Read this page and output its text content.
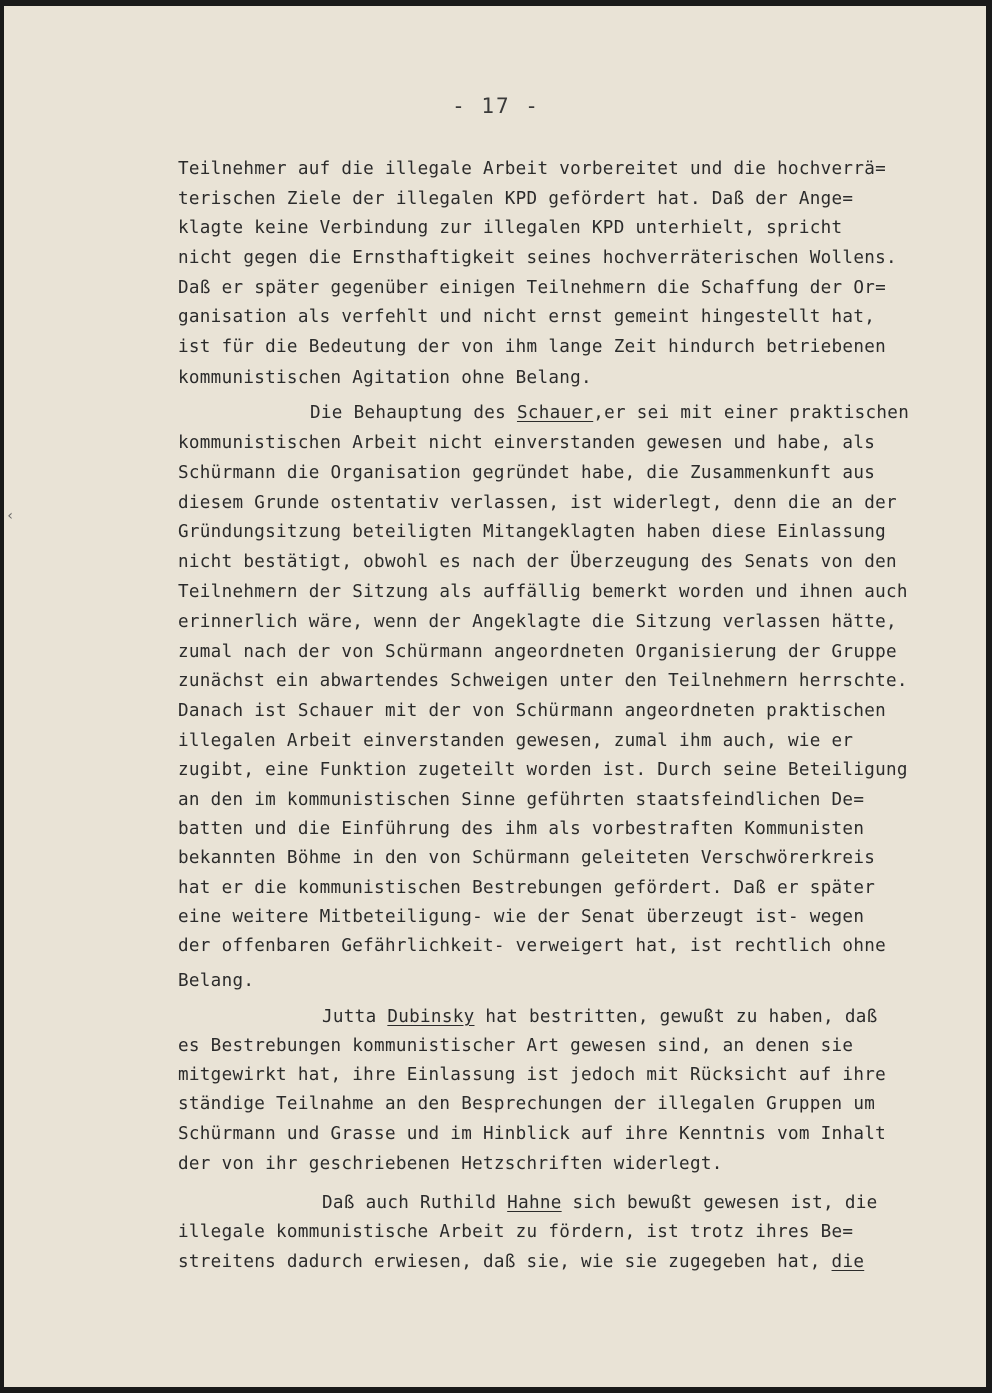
- 17 -
‹
Teilnehmer auf die illegale Arbeit vorbereitet und die hochverrä=
terischen Ziele der illegalen KPD gefördert hat. Daß der Ange=
klagte keine Verbindung zur illegalen KPD unterhielt, spricht
nicht gegen die Ernsthaftigkeit seines hochverräterischen Wollens.
Daß er später gegenüber einigen Teilnehmern die Schaffung der Or=
ganisation als verfehlt und nicht ernst gemeint hingestellt hat,
ist für die Bedeutung der von ihm lange Zeit hindurch betriebenen
kommunistischen Agitation ohne Belang.
Die Behauptung des Schauer,er sei mit einer praktischen
kommunistischen Arbeit nicht einverstanden gewesen und habe, als
Schürmann die Organisation gegründet habe, die Zusammenkunft aus
diesem Grunde ostentativ verlassen, ist widerlegt, denn die an der
Gründungsitzung beteiligten Mitangeklagten haben diese Einlassung
nicht bestätigt, obwohl es nach der Überzeugung des Senats von den
Teilnehmern der Sitzung als auffällig bemerkt worden und ihnen auch
erinnerlich wäre, wenn der Angeklagte die Sitzung verlassen hätte,
zumal nach der von Schürmann angeordneten Organisierung der Gruppe
zunächst ein abwartendes Schweigen unter den Teilnehmern herrschte.
Danach ist Schauer mit der von Schürmann angeordneten praktischen
illegalen Arbeit einverstanden gewesen, zumal ihm auch, wie er
zugibt, eine Funktion zugeteilt worden ist. Durch seine Beteiligung
an den im kommunistischen Sinne geführten staatsfeindlichen De=
batten und die Einführung des ihm als vorbestraften Kommunisten
bekannten Böhme in den von Schürmann geleiteten Verschwörerkreis
hat er die kommunistischen Bestrebungen gefördert. Daß er später
eine weitere Mitbeteiligung- wie der Senat überzeugt ist- wegen
der offenbaren Gefährlichkeit- verweigert hat, ist rechtlich ohne
Belang.
Jutta Dubinsky hat bestritten, gewußt zu haben, daß
es Bestrebungen kommunistischer Art gewesen sind, an denen sie
mitgewirkt hat, ihre Einlassung ist jedoch mit Rücksicht auf ihre
ständige Teilnahme an den Besprechungen der illegalen Gruppen um
Schürmann und Grasse und im Hinblick auf ihre Kenntnis vom Inhalt
der von ihr geschriebenen Hetzschriften widerlegt.
Daß auch Ruthild Hahne sich bewußt gewesen ist, die
illegale kommunistische Arbeit zu fördern, ist trotz ihres Be=
streitens dadurch erwiesen, daß sie, wie sie zugegeben hat, die
